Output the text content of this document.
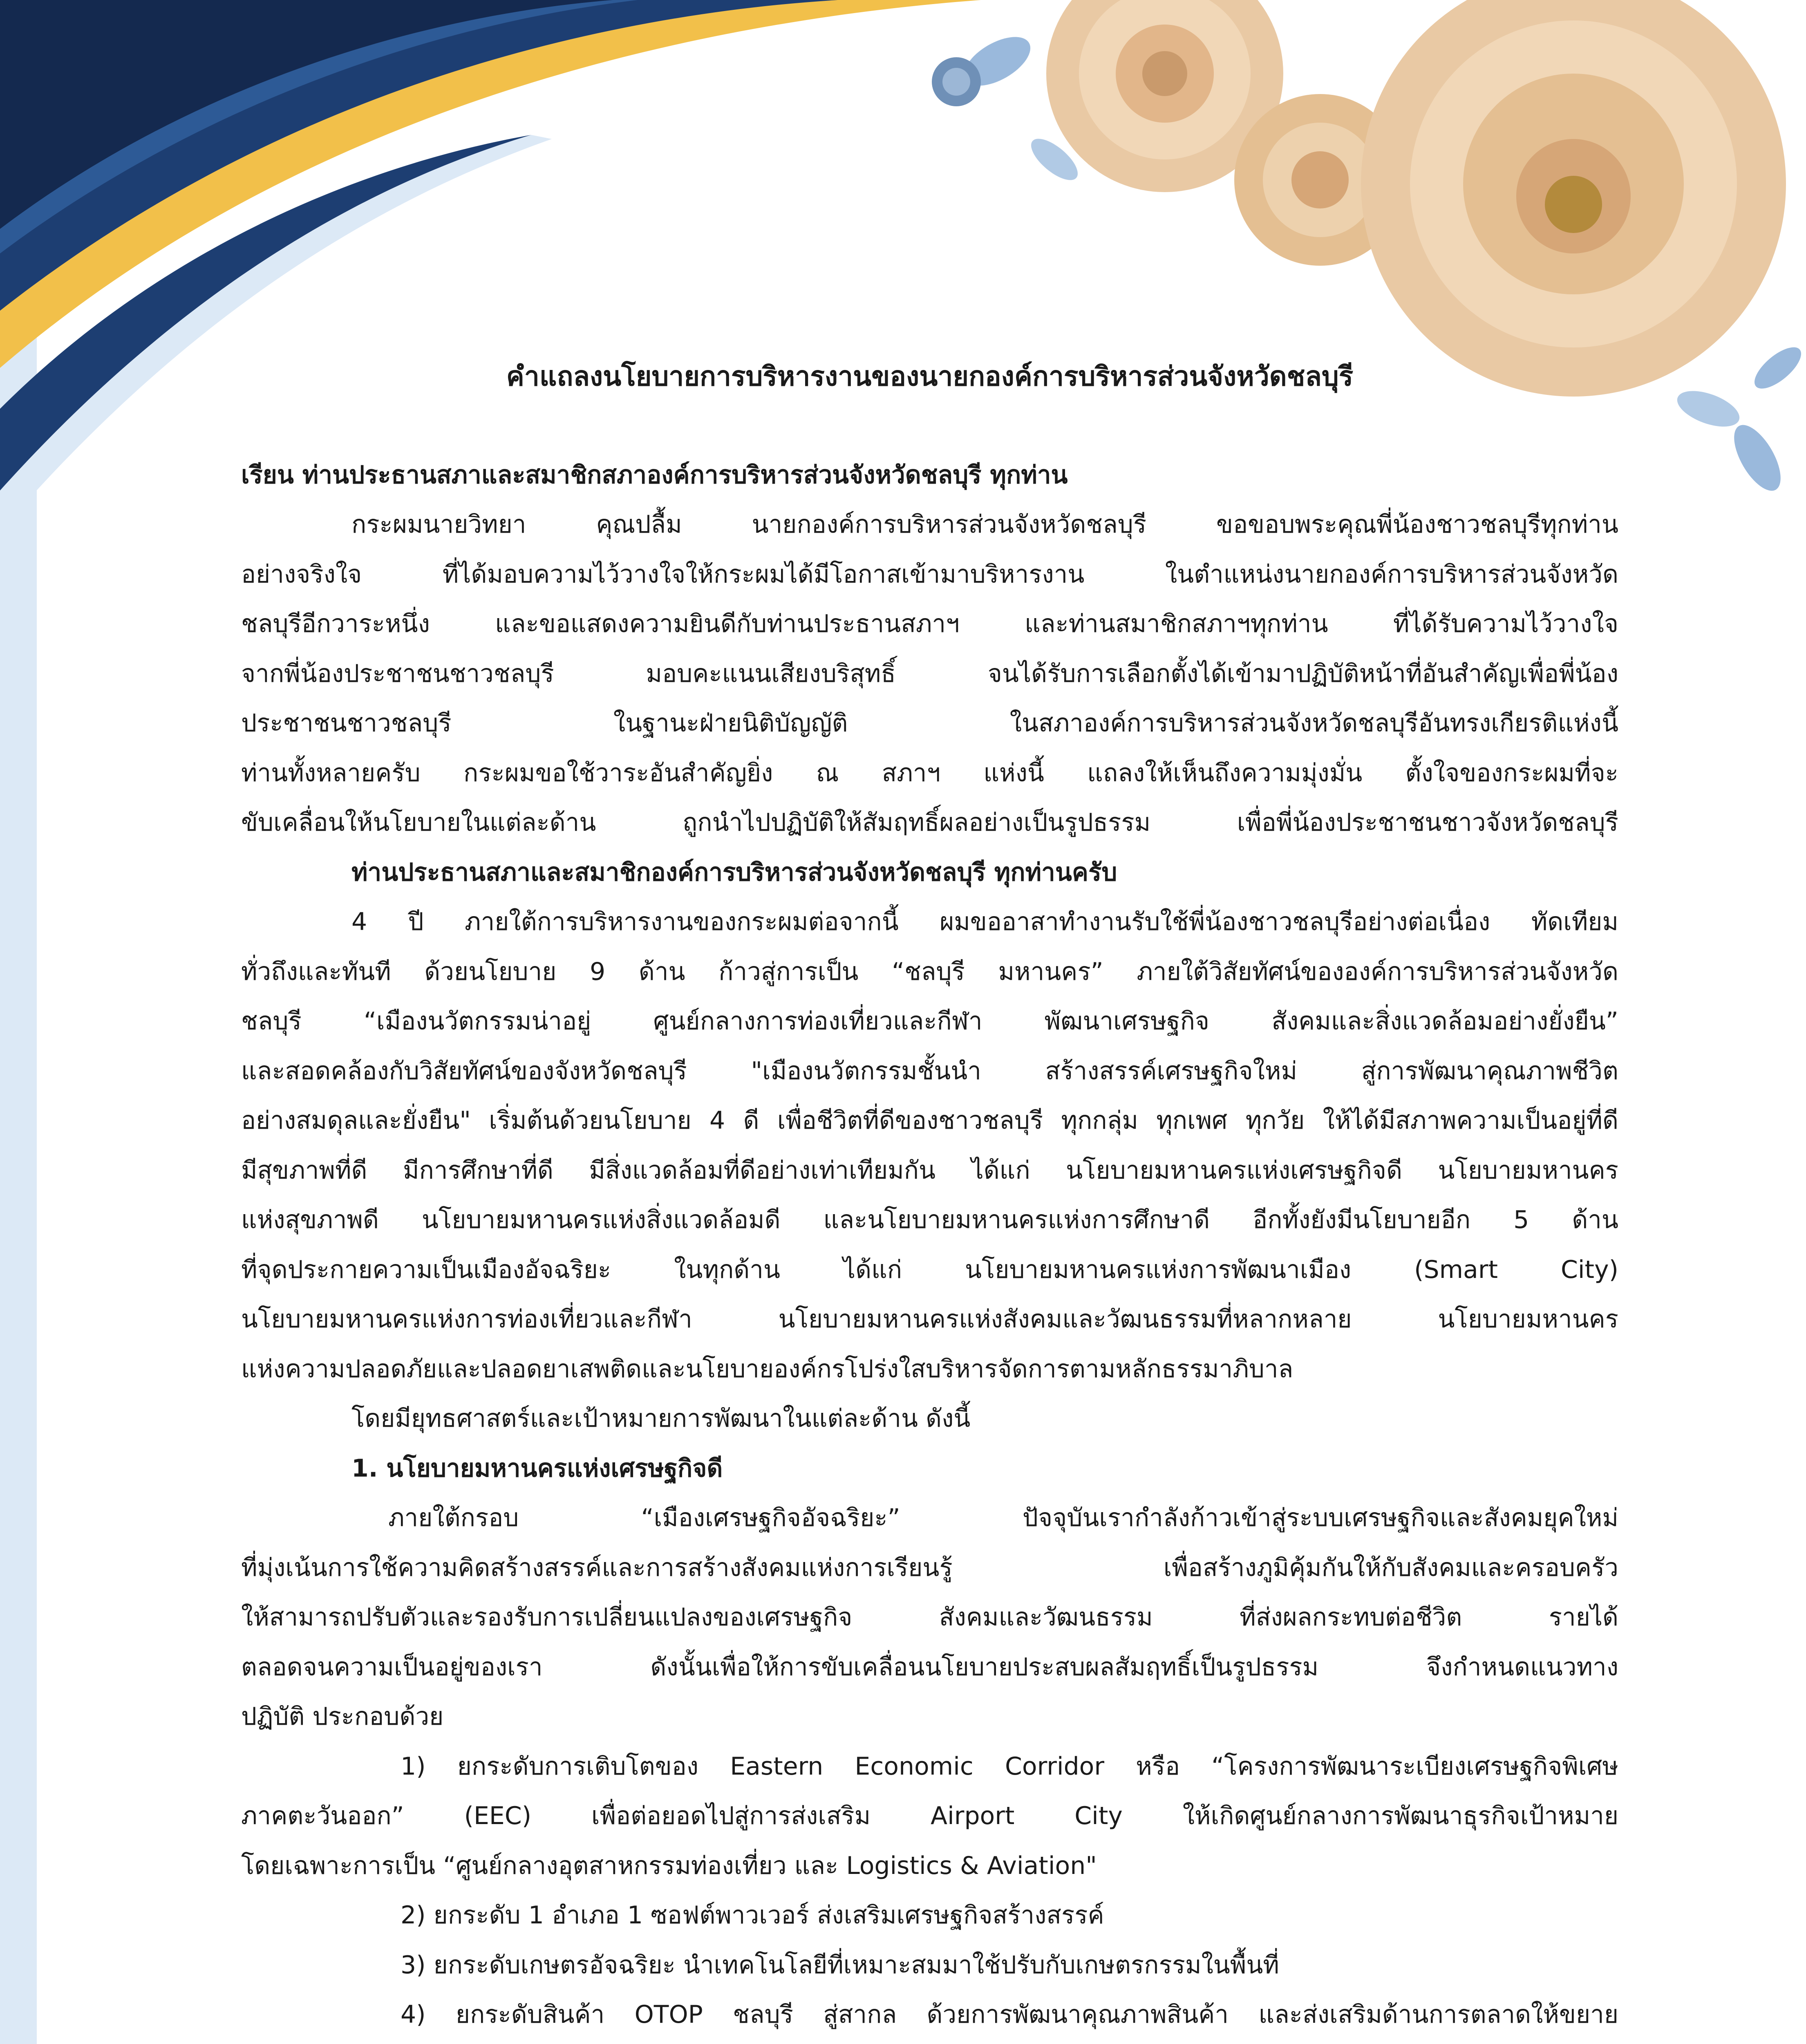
คำแถลงนโยบายการบริหารงานของนายกองค์การบริหารส่วนจังหวัดชลบุรี
เรียน ท่านประธานสภาและสมาชิกสภาองค์การบริหารส่วนจังหวัดชลบุรี ทุกท่าน
กระผมนายวิทยา คุณปลื้ม นายกองค์การบริหารส่วนจังหวัดชลบุรี ขอขอบพระคุณพี่น้องชาวชลบุรีทุกท่าน
อย่างจริงใจ ที่ได้มอบความไว้วางใจให้กระผมได้มีโอกาสเข้ามาบริหารงาน ในตำแหน่งนายกองค์การบริหารส่วนจังหวัด
ชลบุรีอีกวาระหนึ่ง และขอแสดงความยินดีกับท่านประธานสภาฯ และท่านสมาชิกสภาฯทุกท่าน ที่ได้รับความไว้วางใจ
จากพี่น้องประชาชนชาวชลบุรี มอบคะแนนเสียงบริสุทธิ์ จนได้รับการเลือกตั้งได้เข้ามาปฏิบัติหน้าที่อันสำคัญเพื่อพี่น้อง
ประชาชนชาวชลบุรี ในฐานะฝ่ายนิติบัญญัติ ในสภาองค์การบริหารส่วนจังหวัดชลบุรีอันทรงเกียรติแห่งนี้
ท่านทั้งหลายครับ กระผมขอใช้วาระอันสำคัญยิ่ง ณ สภาฯ แห่งนี้ แถลงให้เห็นถึงความมุ่งมั่น ตั้งใจของกระผมที่จะ
ขับเคลื่อนให้นโยบายในแต่ละด้าน ถูกนำไปปฏิบัติให้สัมฤทธิ์ผลอย่างเป็นรูปธรรม เพื่อพี่น้องประชาชนชาวจังหวัดชลบุรี
ท่านประธานสภาและสมาชิกองค์การบริหารส่วนจังหวัดชลบุรี ทุกท่านครับ
4 ปี ภายใต้การบริหารงานของกระผมต่อจากนี้ ผมขออาสาทำงานรับใช้พี่น้องชาวชลบุรีอย่างต่อเนื่อง ทัดเทียม
ทั่วถึงและทันที ด้วยนโยบาย 9 ด้าน ก้าวสู่การเป็น “ชลบุรี มหานคร” ภายใต้วิสัยทัศน์ขององค์การบริหารส่วนจังหวัด
ชลบุรี “เมืองนวัตกรรมน่าอยู่ ศูนย์กลางการท่องเที่ยวและกีฬา พัฒนาเศรษฐกิจ สังคมและสิ่งแวดล้อมอย่างยั่งยืน”
และสอดคล้องกับวิสัยทัศน์ของจังหวัดชลบุรี "เมืองนวัตกรรมชั้นนำ สร้างสรรค์เศรษฐกิจใหม่ สู่การพัฒนาคุณภาพชีวิต
อย่างสมดุลและยั่งยืน" เริ่มต้นด้วยนโยบาย 4 ดี เพื่อชีวิตที่ดีของชาวชลบุรี ทุกกลุ่ม ทุกเพศ ทุกวัย ให้ได้มีสภาพความเป็นอยู่ที่ดี
มีสุขภาพที่ดี มีการศึกษาที่ดี มีสิ่งแวดล้อมที่ดีอย่างเท่าเทียมกัน ได้แก่ นโยบายมหานครแห่งเศรษฐกิจดี นโยบายมหานคร
แห่งสุขภาพดี นโยบายมหานครแห่งสิ่งแวดล้อมดี และนโยบายมหานครแห่งการศึกษาดี อีกทั้งยังมีนโยบายอีก 5 ด้าน
ที่จุดประกายความเป็นเมืองอัจฉริยะ ในทุกด้าน ได้แก่ นโยบายมหานครแห่งการพัฒนาเมือง (Smart City)
นโยบายมหานครแห่งการท่องเที่ยวและกีฬา นโยบายมหานครแห่งสังคมและวัฒนธรรมที่หลากหลาย นโยบายมหานคร
แห่งความปลอดภัยและปลอดยาเสพติดและนโยบายองค์กรโปร่งใสบริหารจัดการตามหลักธรรมาภิบาล
โดยมียุทธศาสตร์และเป้าหมายการพัฒนาในแต่ละด้าน ดังนี้
1. นโยบายมหานครแห่งเศรษฐกิจดี
ภายใต้กรอบ “เมืองเศรษฐกิจอัจฉริยะ” ปัจจุบันเรากำลังก้าวเข้าสู่ระบบเศรษฐกิจและสังคมยุคใหม่
ที่มุ่งเน้นการใช้ความคิดสร้างสรรค์และการสร้างสังคมแห่งการเรียนรู้ เพื่อสร้างภูมิคุ้มกันให้กับสังคมและครอบครัว
ให้สามารถปรับตัวและรองรับการเปลี่ยนแปลงของเศรษฐกิจ สังคมและวัฒนธรรม ที่ส่งผลกระทบต่อชีวิต รายได้
ตลอดจนความเป็นอยู่ของเรา ดังนั้นเพื่อให้การขับเคลื่อนนโยบายประสบผลสัมฤทธิ์เป็นรูปธรรม จึงกำหนดแนวทาง
ปฏิบัติ ประกอบด้วย
1) ยกระดับการเติบโตของ Eastern Economic Corridor หรือ “โครงการพัฒนาระเบียงเศรษฐกิจพิเศษ
ภาคตะวันออก” (EEC) เพื่อต่อยอดไปสู่การส่งเสริม Airport City ให้เกิดศูนย์กลางการพัฒนาธุรกิจเป้าหมาย
โดยเฉพาะการเป็น “ศูนย์กลางอุตสาหกรรมท่องเที่ยว และ Logistics & Aviation"
2) ยกระดับ 1 อำเภอ 1 ซอฟต์พาวเวอร์ ส่งเสริมเศรษฐกิจสร้างสรรค์
3) ยกระดับเกษตรอัจฉริยะ นำเทคโนโลยีที่เหมาะสมมาใช้ปรับกับเกษตรกรรมในพื้นที่
4) ยกระดับสินค้า OTOP ชลบุรี สู่สากล ด้วยการพัฒนาคุณภาพสินค้า และส่งเสริมด้านการตลาดให้ขยาย
